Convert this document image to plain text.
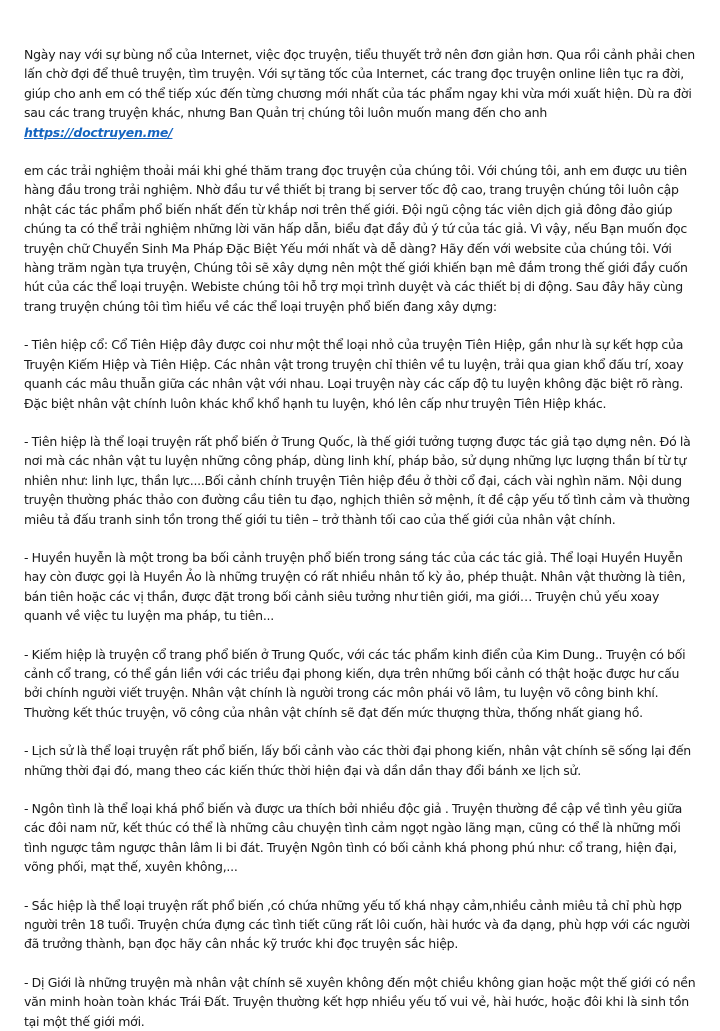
Ngày nay với sự bùng nổ của Internet, việc đọc truyện, tiểu thuyết trở nên đơn giản hơn. Qua rồi cảnh phải chen lấn chờ đợi để thuê truyện, tìm truyện. Với sự tăng tốc của Internet, các trang đọc truyện online liên tục ra đời, giúp cho anh em có thể tiếp xúc đến từng chương mới nhất của tác phẩm ngay khi vừa mới xuất hiện. Dù ra đời sau các trang truyện khác, nhưng Ban Quản trị chúng tôi luôn muốn mang đến cho anh https://doctruyen.me/

em các trải nghiệm thoải mái khi ghé thăm trang đọc truyện của chúng tôi. Với chúng tôi, anh em được ưu tiên hàng đầu trong trải nghiệm. Nhờ đầu tư về thiết bị trang bị server tốc độ cao, trang truyện chúng tôi luôn cập nhật các tác phẩm phổ biến nhất đến từ khắp nơi trên thế giới. Đội ngũ cộng tác viên dịch giả đông đảo giúp chúng ta có thể trải nghiệm những lời văn hấp dẫn, biểu đạt đầy đủ ý tứ của tác giả. Vì vậy, nếu Bạn muốn đọc truyện chữ Chuyển Sinh Ma Pháp Đặc Biệt Yếu mới nhất và dễ dàng? Hãy đến với website của chúng tôi. Với hàng trăm ngàn tựa truyện, Chúng tôi sẽ xây dựng nên một thế giới khiến bạn mê đắm trong thế giới đầy cuốn hút của các thể loại truyện. Webiste chúng tôi hỗ trợ mọi trình duyệt và các thiết bị di động. Sau đây hãy cùng trang truyện chúng tôi tìm hiểu về các thể loại truyện phổ biến đang xây dựng:

- Tiên hiệp cổ: Cổ Tiên Hiệp đây được coi như một thể loại nhỏ của truyện Tiên Hiệp, gần như là sự kết hợp của Truyện Kiếm Hiệp và Tiên Hiệp. Các nhân vật trong truyện chỉ thiên về tu luyện, trải qua gian khổ đấu trí, xoay quanh các mâu thuẫn giữa các nhân vật với nhau. Loại truyện này các cấp độ tu luyện không đặc biệt rõ ràng. Đặc biệt nhân vật chính luôn khác khổ khổ hạnh tu luyện, khó lên cấp như truyện Tiên Hiệp khác.

- Tiên hiệp là thể loại truyện rất phổ biến ở Trung Quốc, là thế giới tưởng tượng được tác giả tạo dựng nên. Đó là nơi mà các nhân vật tu luyện những công pháp, dùng linh khí, pháp bảo, sử dụng những lực lượng thần bí từ tự nhiên như: linh lực, thần lực....Bối cảnh chính truyện Tiên hiệp đều ở thời cổ đại, cách vài nghìn năm. Nội dung truyện thường phác thảo con đường cầu tiên tu đạo, nghịch thiên sở mệnh, ít đề cập yếu tố tình cảm và thường miêu tả đấu tranh sinh tồn trong thế giới tu tiên – trở thành tối cao của thế giới của nhân vật chính.

- Huyền huyễn là một trong ba bối cảnh truyện phổ biến trong sáng tác của các tác giả. Thể loại Huyền Huyễn hay còn được gọi là Huyền Ảo là những truyện có rất nhiều nhân tố kỳ ảo, phép thuật. Nhân vật thường là tiên, bán tiên hoặc các vị thần, được đặt trong bối cảnh siêu tưởng như tiên giới, ma giới… Truyện chủ yếu xoay quanh về việc tu luyện ma pháp, tu tiên...

- Kiếm hiệp là truyện cổ trang phổ biến ở Trung Quốc, với các tác phẩm kinh điển của Kim Dung.. Truyện có bối cảnh cổ trang, có thể gắn liền với các triều đại phong kiến, dựa trên những bối cảnh có thật hoặc được hư cấu bởi chính người viết truyện. Nhân vật chính là người trong các môn phái võ lâm, tu luyện võ công binh khí. Thường kết thúc truyện, võ công của nhân vật chính sẽ đạt đến mức thượng thừa, thống nhất giang hồ.

- Lịch sử là thể loại truyện rất phổ biến, lấy bối cảnh vào các thời đại phong kiến, nhân vật chính sẽ sống lại đến những thời đại đó, mang theo các kiến thức thời hiện đại và dần dần thay đổi bánh xe lịch sử.

- Ngôn tình là thể loại khá phổ biến và được ưa thích bởi nhiều độc giả . Truyện thường đề cập về tình yêu giữa các đôi nam nữ, kết thúc có thể là những câu chuyện tình cảm ngọt ngào lãng mạn, cũng có thể là những mối tình ngược tâm ngược thân lâm li bi đát. Truyện Ngôn tình có bối cảnh khá phong phú như: cổ trang, hiện đại, võng phối, mạt thế, xuyên không,...

- Sắc hiệp là thể loại truyện rất phổ biến ,có chứa những yếu tố khá nhạy cảm,nhiều cảnh miêu tả chỉ phù hợp người trên 18 tuổi. Truyện chứa đựng các tình tiết cũng rất lôi cuốn, hài hước và đa dạng, phù hợp với các người đã trưởng thành, bạn đọc hãy cân nhắc kỹ trước khi đọc truyện sắc hiệp.

- Dị Giới là những truyện mà nhân vật chính sẽ xuyên không đến một chiều không gian hoặc một thế giới có nền văn minh hoàn toàn khác Trái Đất. Truyện thường kết hợp nhiều yếu tố vui vẻ, hài hước, hoặc đôi khi là sinh tồn tại một thế giới mới.
